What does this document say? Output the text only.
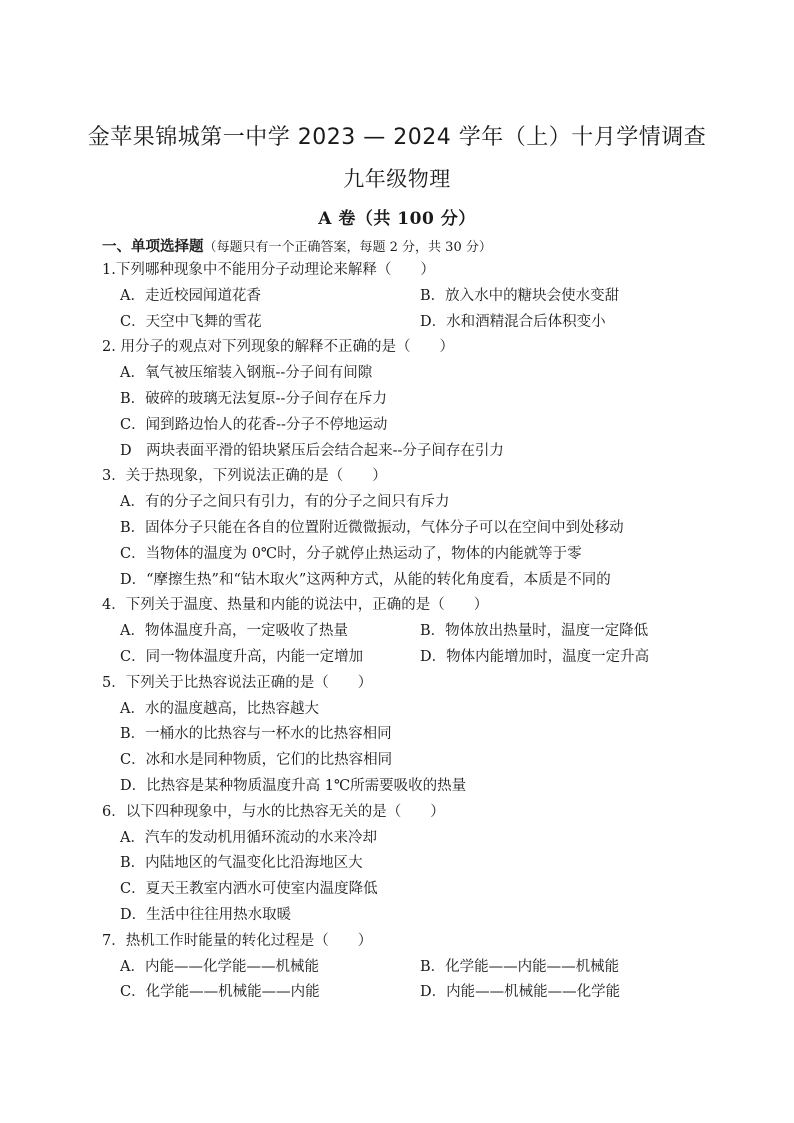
金苹果锦城第一中学 2023 — 2024 学年（上）十月学情调查
九年级物理
A 卷（共 100 分）
一、单项选择题（每题只有一个正确答案，每题 2 分，共 30 分）
1.下列哪种现象中不能用分子动理论来解释（　　）
A．走近校园闻道花香	B．放入水中的糖块会使水变甜
C．天空中飞舞的雪花	D．水和酒精混合后体积变小
2. 用分子的观点对下列现象的解释不正确的是（　　）
A．氧气被压缩装入钢瓶--分子间有间隙
B．破碎的玻璃无法复原--分子间存在斥力
C．闻到路边怡人的花香--分子不停地运动
D　两块表面平滑的铅块紧压后会结合起来--分子间存在引力
3．关于热现象，下列说法正确的是（　　）
A．有的分子之间只有引力，有的分子之间只有斥力
B．固体分子只能在各自的位置附近微微振动，气体分子可以在空间中到处移动
C．当物体的温度为 0℃时，分子就停止热运动了，物体的内能就等于零
D．“摩擦生热”和“钻木取火”这两种方式，从能的转化角度看，本质是不同的
4．下列关于温度、热量和内能的说法中，正确的是（　　）
A．物体温度升高，一定吸收了热量	B．物体放出热量时，温度一定降低
C．同一物体温度升高，内能一定增加	D．物体内能增加时，温度一定升高
5．下列关于比热容说法正确的是（　　）
A．水的温度越高，比热容越大
B．一桶水的比热容与一杯水的比热容相同
C．冰和水是同种物质，它们的比热容相同
D．比热容是某种物质温度升高 1℃所需要吸收的热量
6．以下四种现象中，与水的比热容无关的是（　　）
A．汽车的发动机用循环流动的水来冷却
B．内陆地区的气温变化比沿海地区大
C．夏天王教室内洒水可使室内温度降低
D．生活中往往用热水取暖
7．热机工作时能量的转化过程是（　　）
A．内能——化学能——机械能	B．化学能——内能——机械能
C．化学能——机械能——内能	D．内能——机械能——化学能
